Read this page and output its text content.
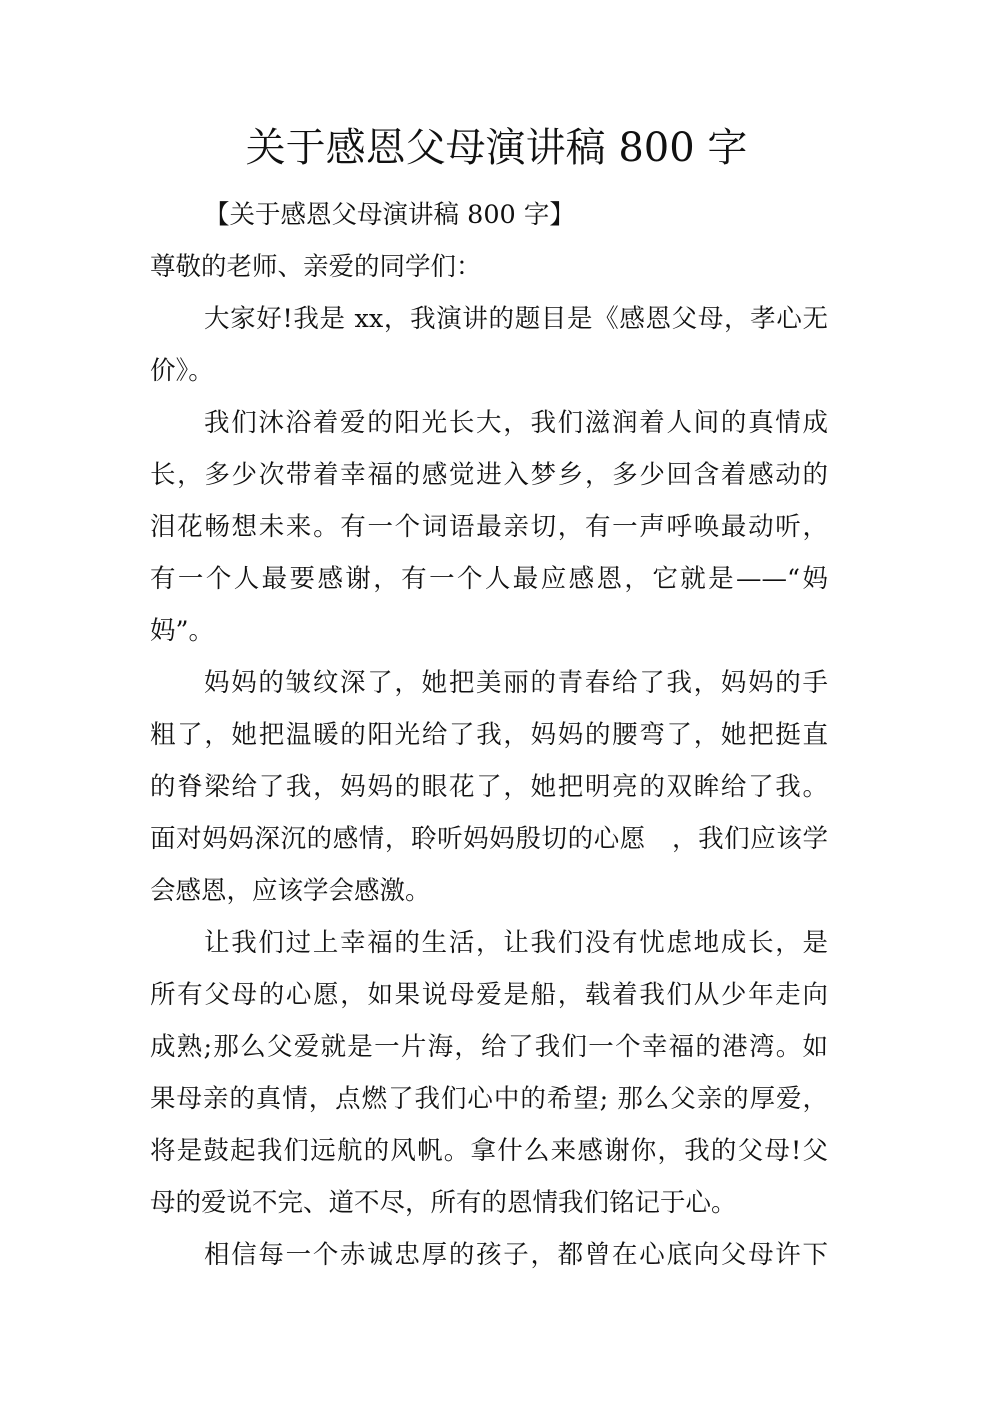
关于感恩父母演讲稿 800 字
【关于感恩父母演讲稿 800 字】
尊敬的老师、亲爱的同学们：
大家好!我是 xx，我演讲的题目是《感恩父母，孝心无
价》。
我们沐浴着爱的阳光长大，我们滋润着人间的真情成
长，多少次带着幸福的感觉进入梦乡，多少回含着感动的
泪花畅想未来。有一个词语最亲切，有一声呼唤最动听，
有一个人最要感谢，有一个人最应感恩，它就是——“妈
妈”。
妈妈的皱纹深了，她把美丽的青春给了我，妈妈的手
粗了，她把温暖的阳光给了我，妈妈的腰弯了，她把挺直
的脊梁给了我，妈妈的眼花了，她把明亮的双眸给了我。
面对妈妈深沉的感情，聆听妈妈殷切的心愿　，我们应该学
会感恩，应该学会感激。
让我们过上幸福的生活，让我们没有忧虑地成长，是
所有父母的心愿，如果说母爱是船，载着我们从少年走向
成熟;那么父爱就是一片海，给了我们一个幸福的港湾。如
果母亲的真情，点燃了我们心中的希望; 那么父亲的厚爱，
将是鼓起我们远航的风帆。拿什么来感谢你，我的父母!父
母的爱说不完、道不尽，所有的恩情我们铭记于心。
相信每一个赤诚忠厚的孩子，都曾在心底向父母许下
